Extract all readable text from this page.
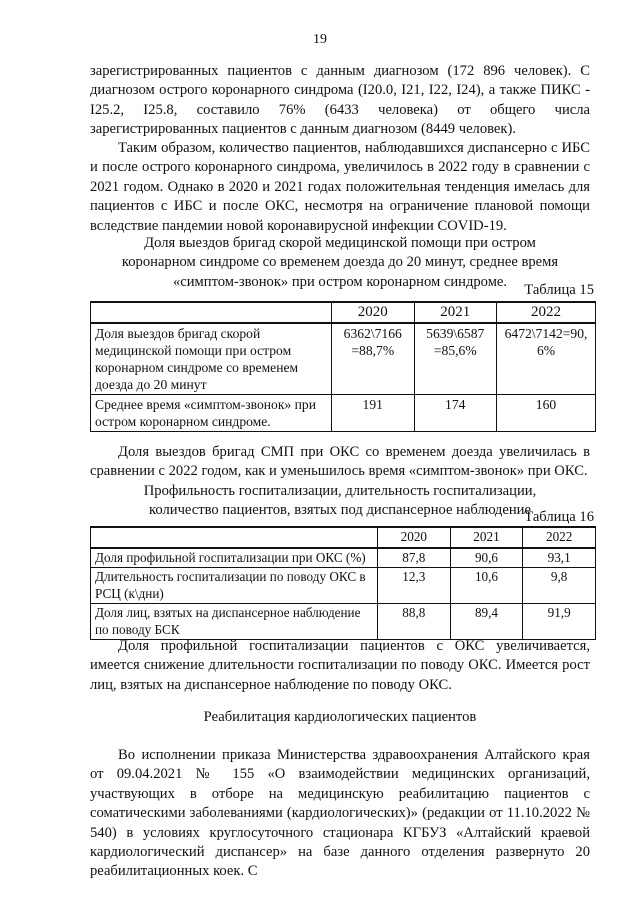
19
зарегистрированных пациентов с данным диагнозом (172 896 человек). С диагнозом острого коронарного синдрома (I20.0, I21, I22, I24), а также ПИКС - I25.2, I25.8, составило 76% (6433 человека) от общего числа зарегистрированных пациентов с данным диагнозом (8449 человек).
Таким образом, количество пациентов, наблюдавшихся диспансерно с ИБС и после острого коронарного синдрома, увеличилось в 2022 году в сравнении с 2021 годом. Однако в 2020 и 2021 годах положительная тенденция имелась для пациентов с ИБС и после ОКС, несмотря на ограничение плановой помощи вследствие пандемии новой коронавирусной инфекции COVID-19.
Доля выездов бригад скорой медицинской помощи при остром коронарном синдроме со временем доезда до 20 минут, среднее время «симптом-звонок» при остром коронарном синдроме.
Таблица 15
	2020	2021	2022
Доля выездов бригад скорой медицинской помощи при остром коронарном синдроме со временем доезда до 20 минут	6362\7166 =88,7%	5639\6587 =85,6%	6472\7142=90, 6%
Среднее время «симптом-звонок» при остром коронарном синдроме.	191	174	160
Доля выездов бригад СМП при ОКС со временем доезда увеличилась в сравнении с 2022 годом, как и уменьшилось время «симптом-звонок» при ОКС.
Профильность госпитализации, длительность госпитализации, количество пациентов, взятых под диспансерное наблюдение
Таблица 16
	2020	2021	2022
Доля профильной госпитализации при ОКС (%)	87,8	90,6	93,1
Длительность госпитализации по поводу ОКС в РСЦ (к\дни)	12,3	10,6	9,8
Доля лиц, взятых на диспансерное наблюдение по поводу БСК	88,8	89,4	91,9
Доля профильной госпитализации пациентов с ОКС увеличивается, имеется снижение длительности госпитализации по поводу ОКС. Имеется рост лиц, взятых на диспансерное наблюдение по поводу ОКС.
Реабилитация кардиологических пациентов
Во исполнении приказа Министерства здравоохранения Алтайского края от 09.04.2021 № 155 «О взаимодействии медицинских организаций, участвующих в отборе на медицинскую реабилитацию пациентов с соматическими заболеваниями (кардиологических)» (редакции от 11.10.2022 № 540) в условиях круглосуточного стационара КГБУЗ «Алтайский краевой кардиологический диспансер» на базе данного отделения развернуто 20 реабилитационных коек. С
